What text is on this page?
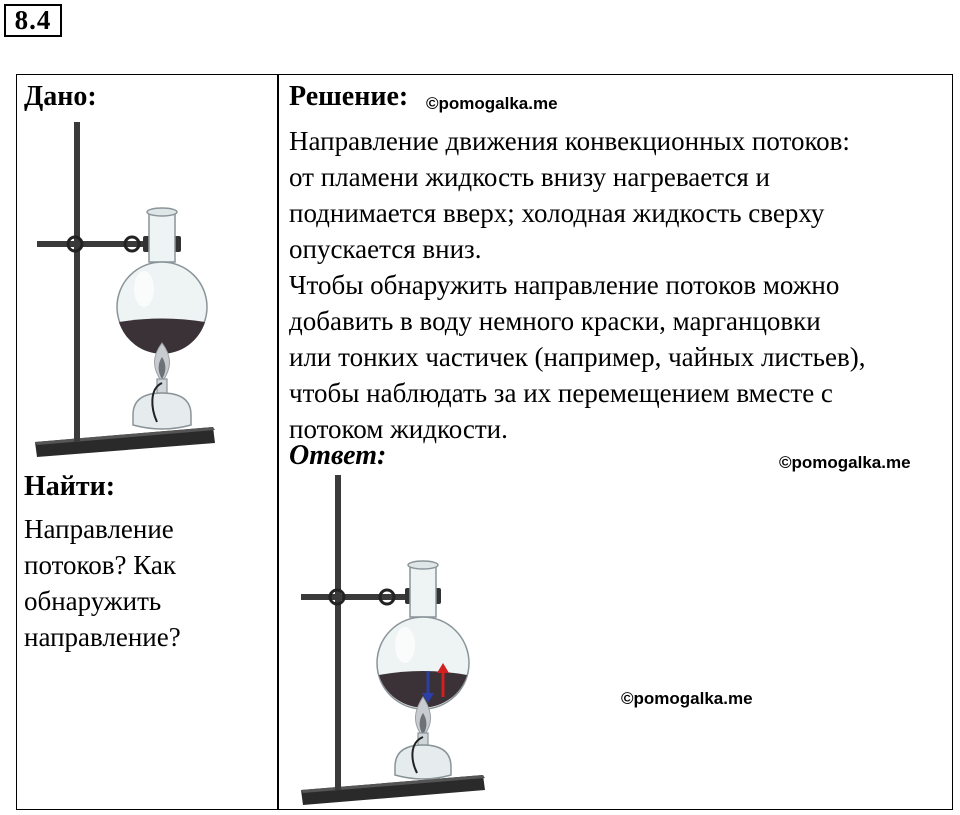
8.4
Дано:
Найти:
Направление
потоков? Как
обнаружить
направление?
Решение: ©pomogalka.me
Направление движения конвекционных потоков:
от пламени жидкость внизу нагревается и
поднимается вверх; холодная жидкость сверху
опускается вниз.
Чтобы обнаружить направление потоков можно
добавить в воду немного краски, марганцовки
или тонких частичек (например, чайных листьев),
чтобы наблюдать за их перемещением вместе с
потоком жидкости.
Ответ:	©pomogalka.me
©pomogalka.me
